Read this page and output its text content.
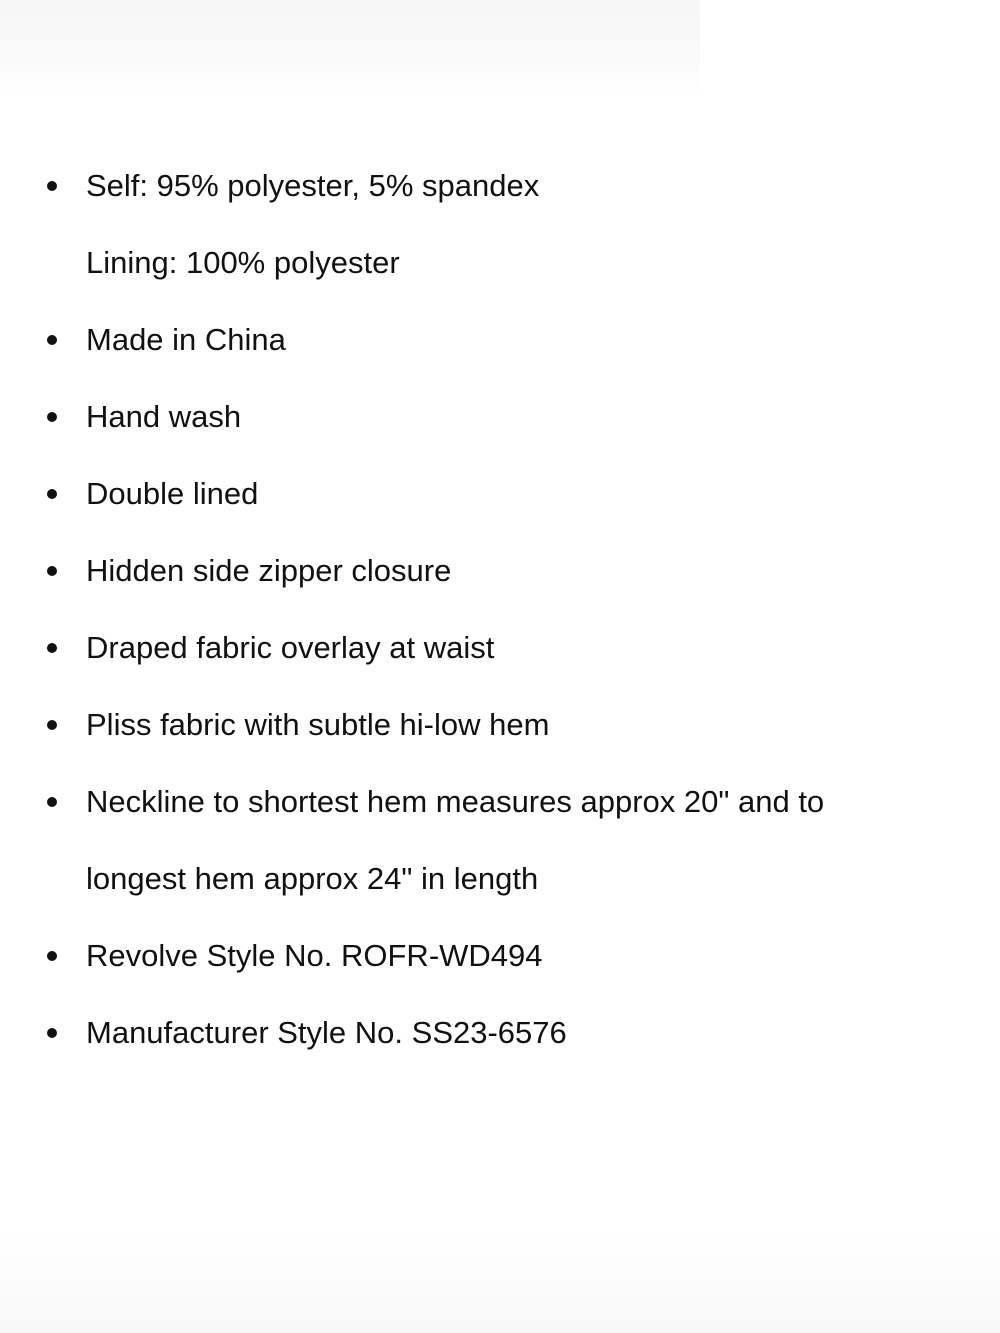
Self: 95% polyester, 5% spandex
Lining: 100% polyester
Made in China
Hand wash
Double lined
Hidden side zipper closure
Draped fabric overlay at waist
Pliss fabric with subtle hi-low hem
Neckline to shortest hem measures approx 20" and to
longest hem approx 24" in length
Revolve Style No. ROFR-WD494
Manufacturer Style No. SS23-6576
